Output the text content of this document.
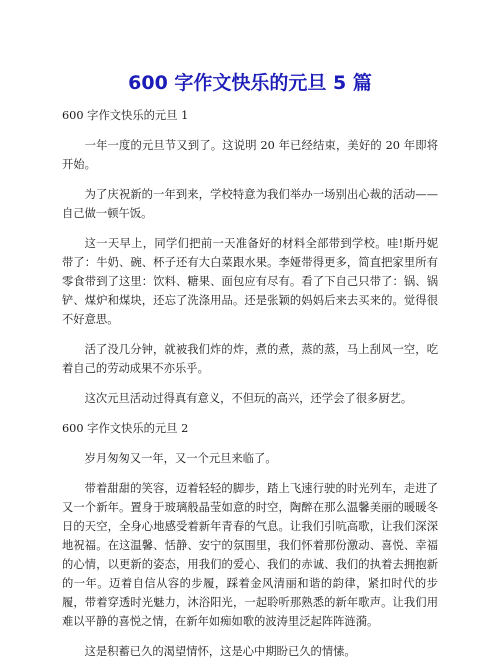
600 字作文快乐的元旦 5 篇

600 字作文快乐的元旦 1

一年一度的元旦节又到了。这说明 20 年已经结束，美好的 20 年即将开始。

为了庆祝新的一年到来，学校特意为我们举办一场别出心裁的活动——自己做一顿午饭。

这一天早上，同学们把前一天准备好的材料全部带到学校。哇!斯丹妮带了：牛奶、碗、杯子还有大白菜跟水果。李娅带得更多，简直把家里所有零食带到了这里：饮料、糖果、面包应有尽有。看了下自己只带了：锅、锅铲、煤炉和煤块，还忘了洗涤用品。还是张颖的妈妈后来去买来的。觉得很不好意思。

活了没几分钟，就被我们炸的炸，煮的煮，蒸的蒸，马上刮风一空，吃着自己的劳动成果不亦乐乎。

这次元旦活动过得真有意义，不但玩的高兴，还学会了很多厨艺。

600 字作文快乐的元旦 2

岁月匆匆又一年，又一个元旦来临了。

带着甜甜的笑容，迈着轻轻的脚步，踏上飞速行驶的时光列车，走进了又一个新年。置身于玻璃般晶莹如意的时空，陶醉在那么温馨美丽的暖暖冬日的天空，全身心地感受着新年青春的气息。让我们引吭高歌，让我们深深地祝福。在这温馨、恬静、安宁的氛围里，我们怀着那份激动、喜悦、幸福的心情，以更新的姿态，用我们的爱心、我们的赤诚、我们的执着去拥抱新的一年。迈着自信从容的步履，踩着金风清丽和谐的韵律，紧扣时代的步履，带着穿透时光魅力，沐浴阳光，一起聆听那熟悉的新年歌声。让我们用难以平静的喜悦之情，在新年如痴如歌的波涛里泛起阵阵涟漪。

这是积蓄已久的渴望情怀，这是心中期盼已久的情愫。
